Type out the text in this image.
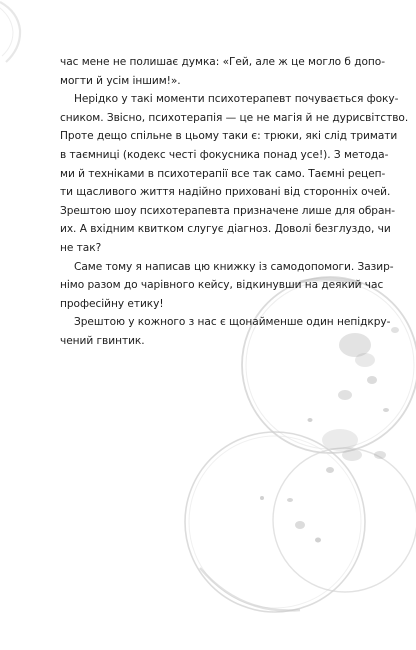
час мене не полишає думка: «Гей, але ж це могло б допо-
могти й усім іншим!».

Нерідко у такі моменти психотерапевт почувається фоку-
сником. Звісно, психотерапія — це не магія й не дурисвітство.
Проте дещо спільне в цьому таки є: трюки, які слід тримати
в таємниці (кодекс честі фокусника понад усе!). З метода-
ми й техніками в психотерапії все так само. Таємні рецеп-
ти щасливого життя надійно приховані від сторонніх очей.
Зрештою шоу психотерапевта призначене лише для обран-
их. А вхідним квитком слугує діагноз. Доволі безглуздо, чи
не так?

Саме тому я написав цю книжку із самодопомоги. Зазир-
німо разом до чарівного кейсу, відкинувши на деякий час
професійну етику!

Зрештою у кожного з нас є щонайменше один непідкру-
чений гвинтик.
